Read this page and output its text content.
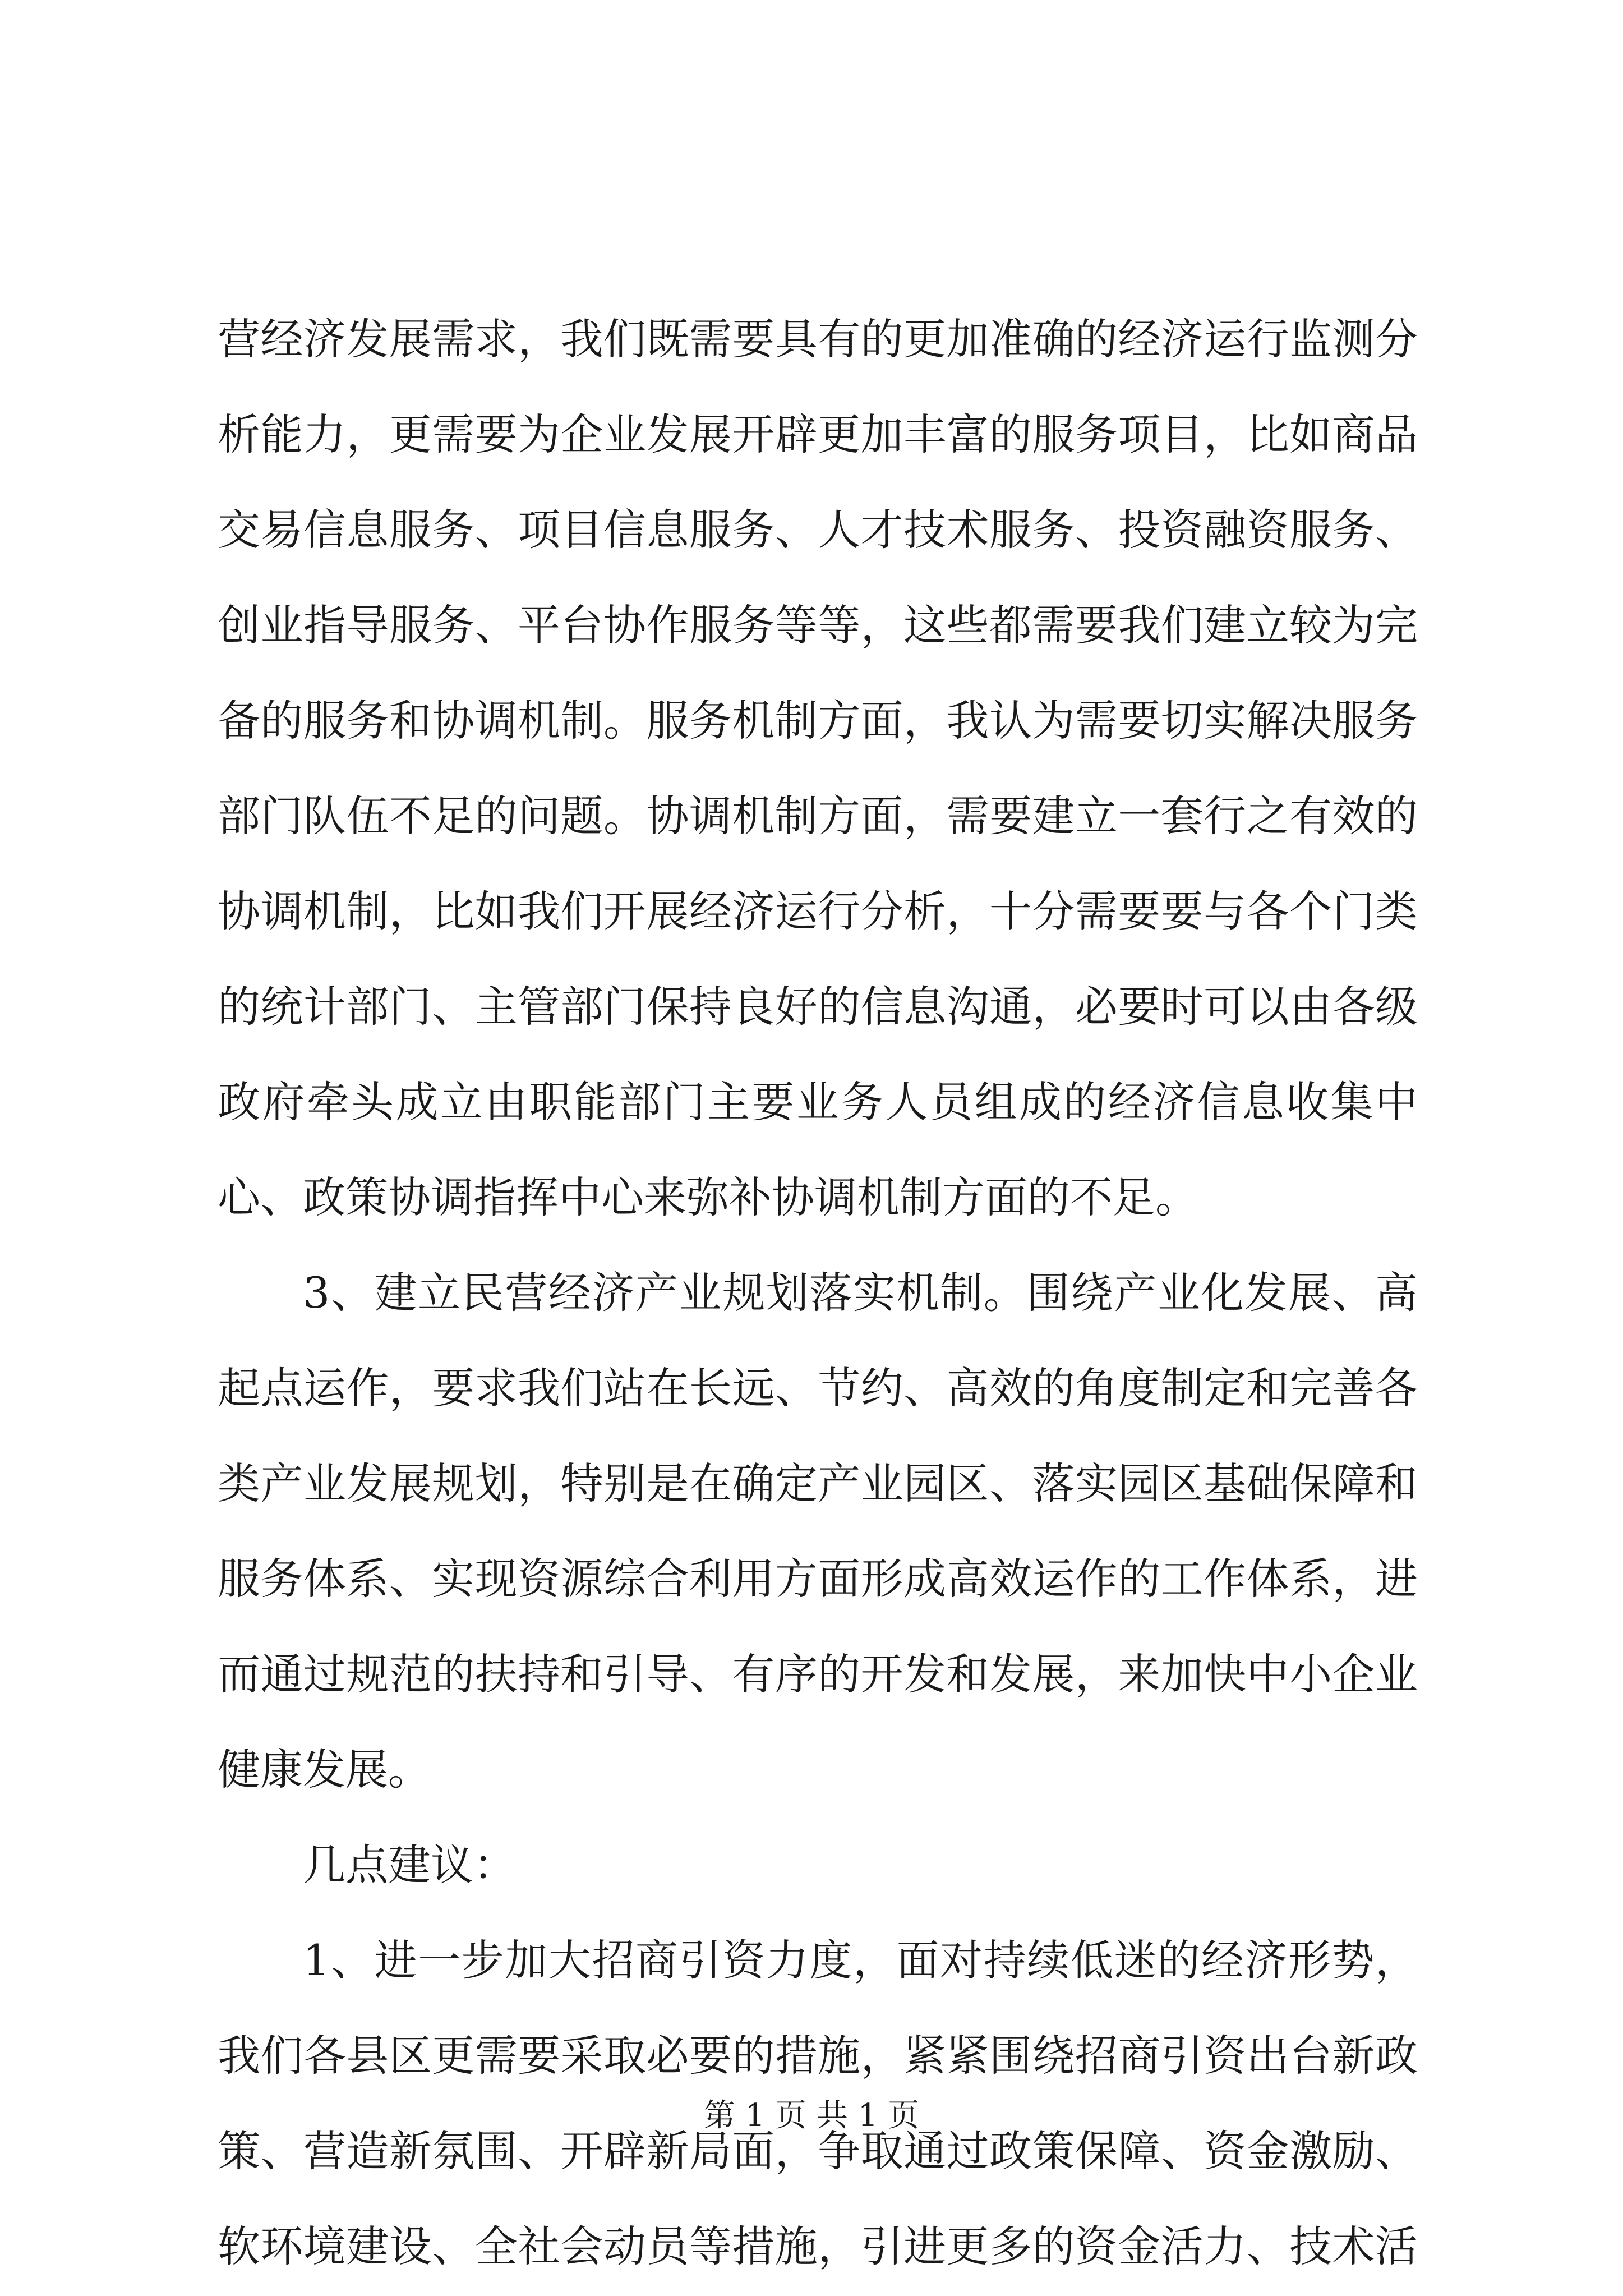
营经济发展需求，我们既需要具有的更加准确的经济运行监测分
析能力，更需要为企业发展开辟更加丰富的服务项目，比如商品
交易信息服务、项目信息服务、人才技术服务、投资融资服务、
创业指导服务、平台协作服务等等，这些都需要我们建立较为完
备的服务和协调机制。服务机制方面，我认为需要切实解决服务
部门队伍不足的问题。协调机制方面，需要建立一套行之有效的
协调机制，比如我们开展经济运行分析，十分需要要与各个门类
的统计部门、主管部门保持良好的信息沟通，必要时可以由各级
政府牵头成立由职能部门主要业务人员组成的经济信息收集中
心、政策协调指挥中心来弥补协调机制方面的不足。
3、建立民营经济产业规划落实机制。围绕产业化发展、高
起点运作，要求我们站在长远、节约、高效的角度制定和完善各
类产业发展规划，特别是在确定产业园区、落实园区基础保障和
服务体系、实现资源综合利用方面形成高效运作的工作体系，进
而通过规范的扶持和引导、有序的开发和发展，来加快中小企业
健康发展。
几点建议：
1、进一步加大招商引资力度，面对持续低迷的经济形势，
我们各县区更需要采取必要的措施，紧紧围绕招商引资出台新政
策、营造新氛围、开辟新局面，争取通过政策保障、资金激励、
软环境建设、全社会动员等措施，引进更多的资金活力、技术活
第 1 页 共 1 页
